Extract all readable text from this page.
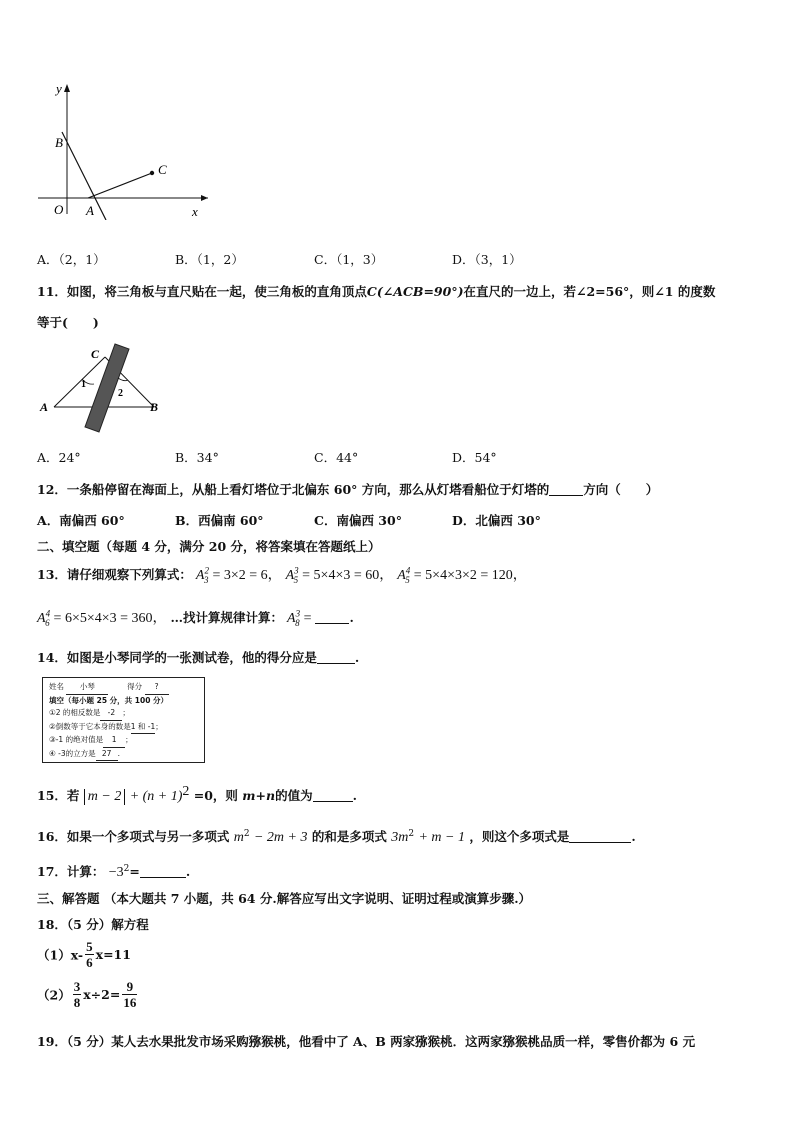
y
x
O
B
A
C
A．（2，1）	B．（1，2）	C．（1，3）	D．（3，1）
11．如图，将三角板与直尺贴在一起，使三角板的直角顶点C(∠ACB=90°)在直尺的一边上，若∠2=56°，则∠1 的度数
等于(　　)
C
A	B
1
2
A．24°	B．34°	C．44°	D．54°
12．一条船停留在海面上，从船上看灯塔位于北偏东 60° 方向，那么从灯塔看船位于灯塔的	方向（　　）
A．南偏西 60°	B．西偏南 60°	C．南偏西 30°	D．北偏西 30°
二、填空题（每题 4 分，满分 20 分，将答案填在答题纸上）
13．请仔细观察下列算式： $A^2_3 = 3\times 2 = 6$， $A^3_5 = 5\times 4\times 3 = 60$， $A^4_5 = 5\times 4\times 3\times 2 = 120$，
$A^4_6 = 6\times 5\times 4\times 3 = 360$， …找计算规律计算： $A^3_8$ =	.
14．如图是小琴同学的一张测试卷，他的得分应是	.
姓名 小琴	得分 ?
填空（每小题 25 分，共 100 分）
①2 的相反数是 -2 ；
②倒数等于它本身的数是1 和 -1；
③-1 的绝对值是 1 ；
④ -3的立方是 27 .
15．若 $m - 2 + (n + 1)^2 =0$，则 m+n的值为	.
16．如果一个多项式与另一多项式 $m^2 - 2m + 3$ 的和是多项式 $3m^2 + m - 1$ ，则这个多项式是	.
17．计算： $-3^2=$	.
三、解答题 （本大题共 7 小题，共 64 分.解答应写出文字说明、证明过程或演算步骤.）
18．（5 分）解方程
$(1)x- \frac{5}{6} x=11$
$(2) \frac{3}{8} x\div 2= \frac{9}{16}$
19．（5 分）某人去水果批发市场采购猕猴桃，他看中了 A、B 两家猕猴桃．这两家猕猴桃品质一样，零售价都为 6 元
